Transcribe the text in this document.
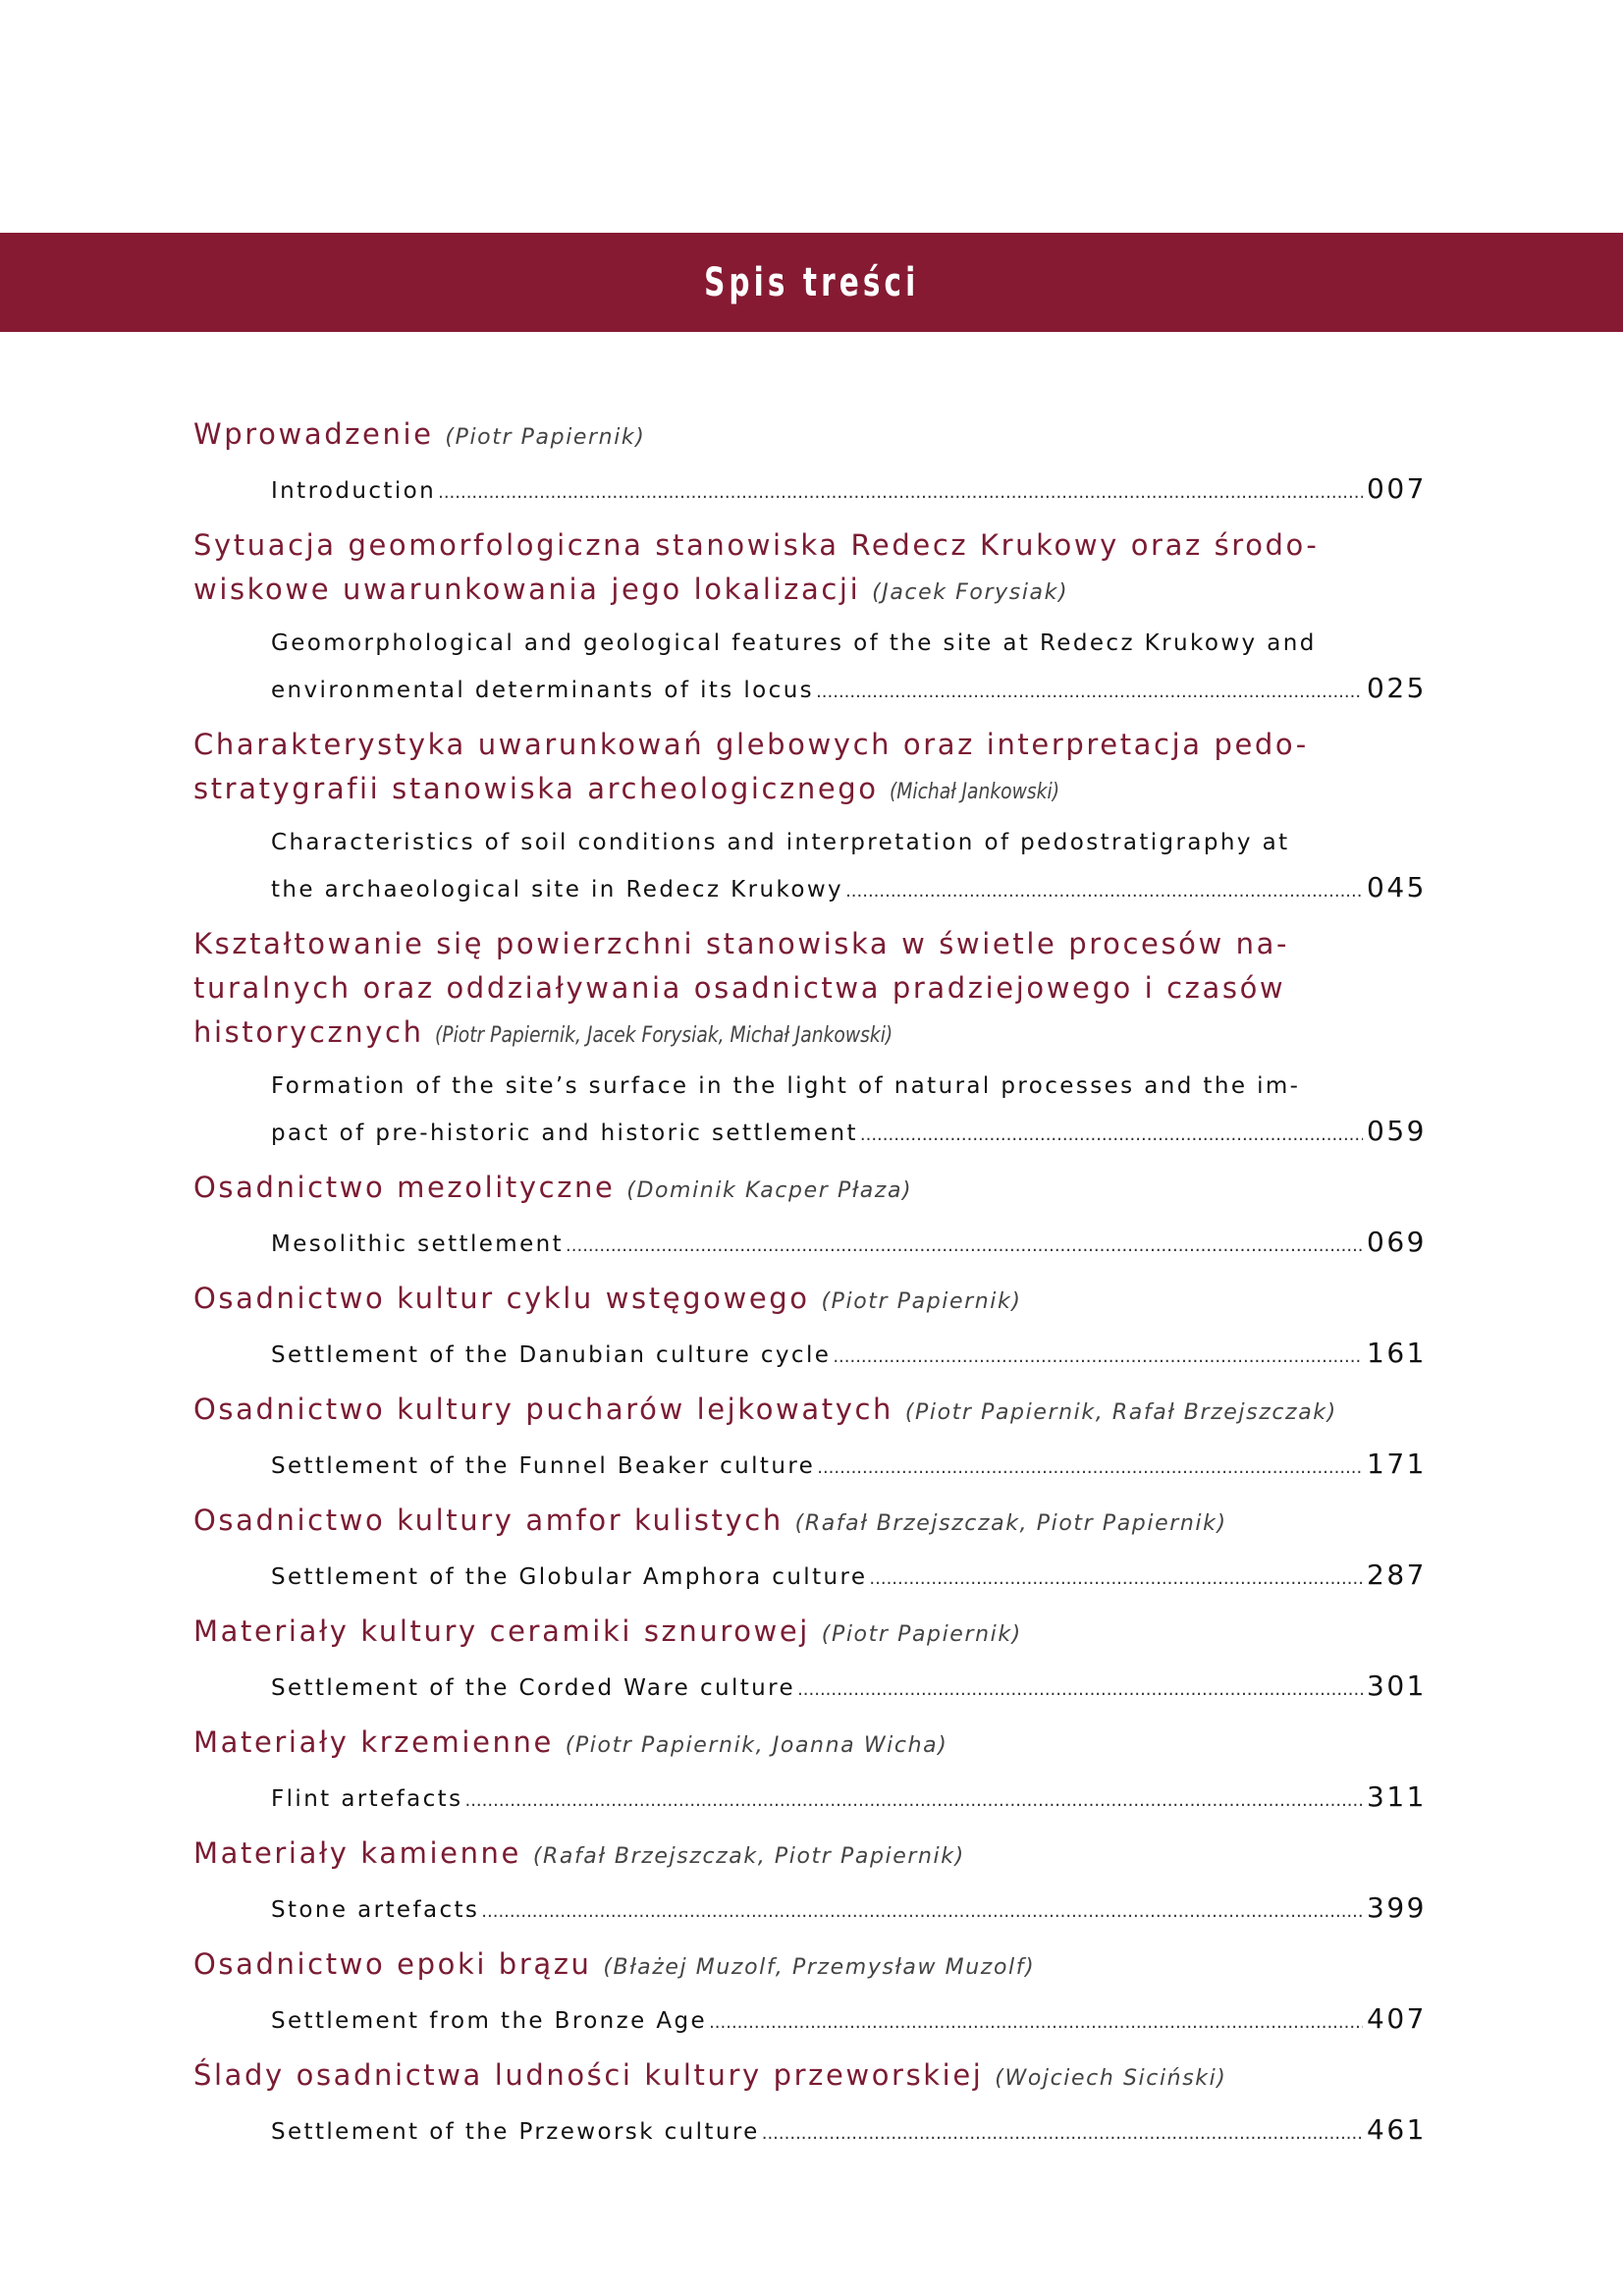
Spis treści
Wprowadzenie (Piotr Papiernik)
Introduction .....	007
Sytuacja geomorfologiczna stanowiska Redecz Krukowy oraz środo-
wiskowe uwarunkowania jego lokalizacji (Jacek Forysiak)
Geomorphological and geological features of the site at Redecz Krukowy and
environmental determinants of its locus .....	025
Charakterystyka uwarunkowań glebowych oraz interpretacja pedo-
stratygrafii stanowiska archeologicznego (Michał Jankowski)
Characteristics of soil conditions and interpretation of pedostratigraphy at
the archaeological site in Redecz Krukowy .....	045
Kształtowanie się powierzchni stanowiska w świetle procesów na-
turalnych oraz oddziaływania osadnictwa pradziejowego i czasów
historycznych (Piotr Papiernik, Jacek Forysiak, Michał Jankowski)
Formation of the site’s surface in the light of natural processes and the im-
pact of pre-historic and historic settlement .....	059
Osadnictwo mezolityczne (Dominik Kacper Płaza)
Mesolithic settlement .....	069
Osadnictwo kultur cyklu wstęgowego (Piotr Papiernik)
Settlement of the Danubian culture cycle .....	161
Osadnictwo kultury pucharów lejkowatych (Piotr Papiernik, Rafał Brzejszczak)
Settlement of the Funnel Beaker culture .....	171
Osadnictwo kultury amfor kulistych (Rafał Brzejszczak, Piotr Papiernik)
Settlement of the Globular Amphora culture .....	287
Materiały kultury ceramiki sznurowej (Piotr Papiernik)
Settlement of the Corded Ware culture .....	301
Materiały krzemienne (Piotr Papiernik, Joanna Wicha)
Flint artefacts .....	311
Materiały kamienne (Rafał Brzejszczak, Piotr Papiernik)
Stone artefacts .....	399
Osadnictwo epoki brązu (Błażej Muzolf, Przemysław Muzolf)
Settlement from the Bronze Age .....	407
Ślady osadnictwa ludności kultury przeworskiej (Wojciech Siciński)
Settlement of the Przeworsk culture .....	461
